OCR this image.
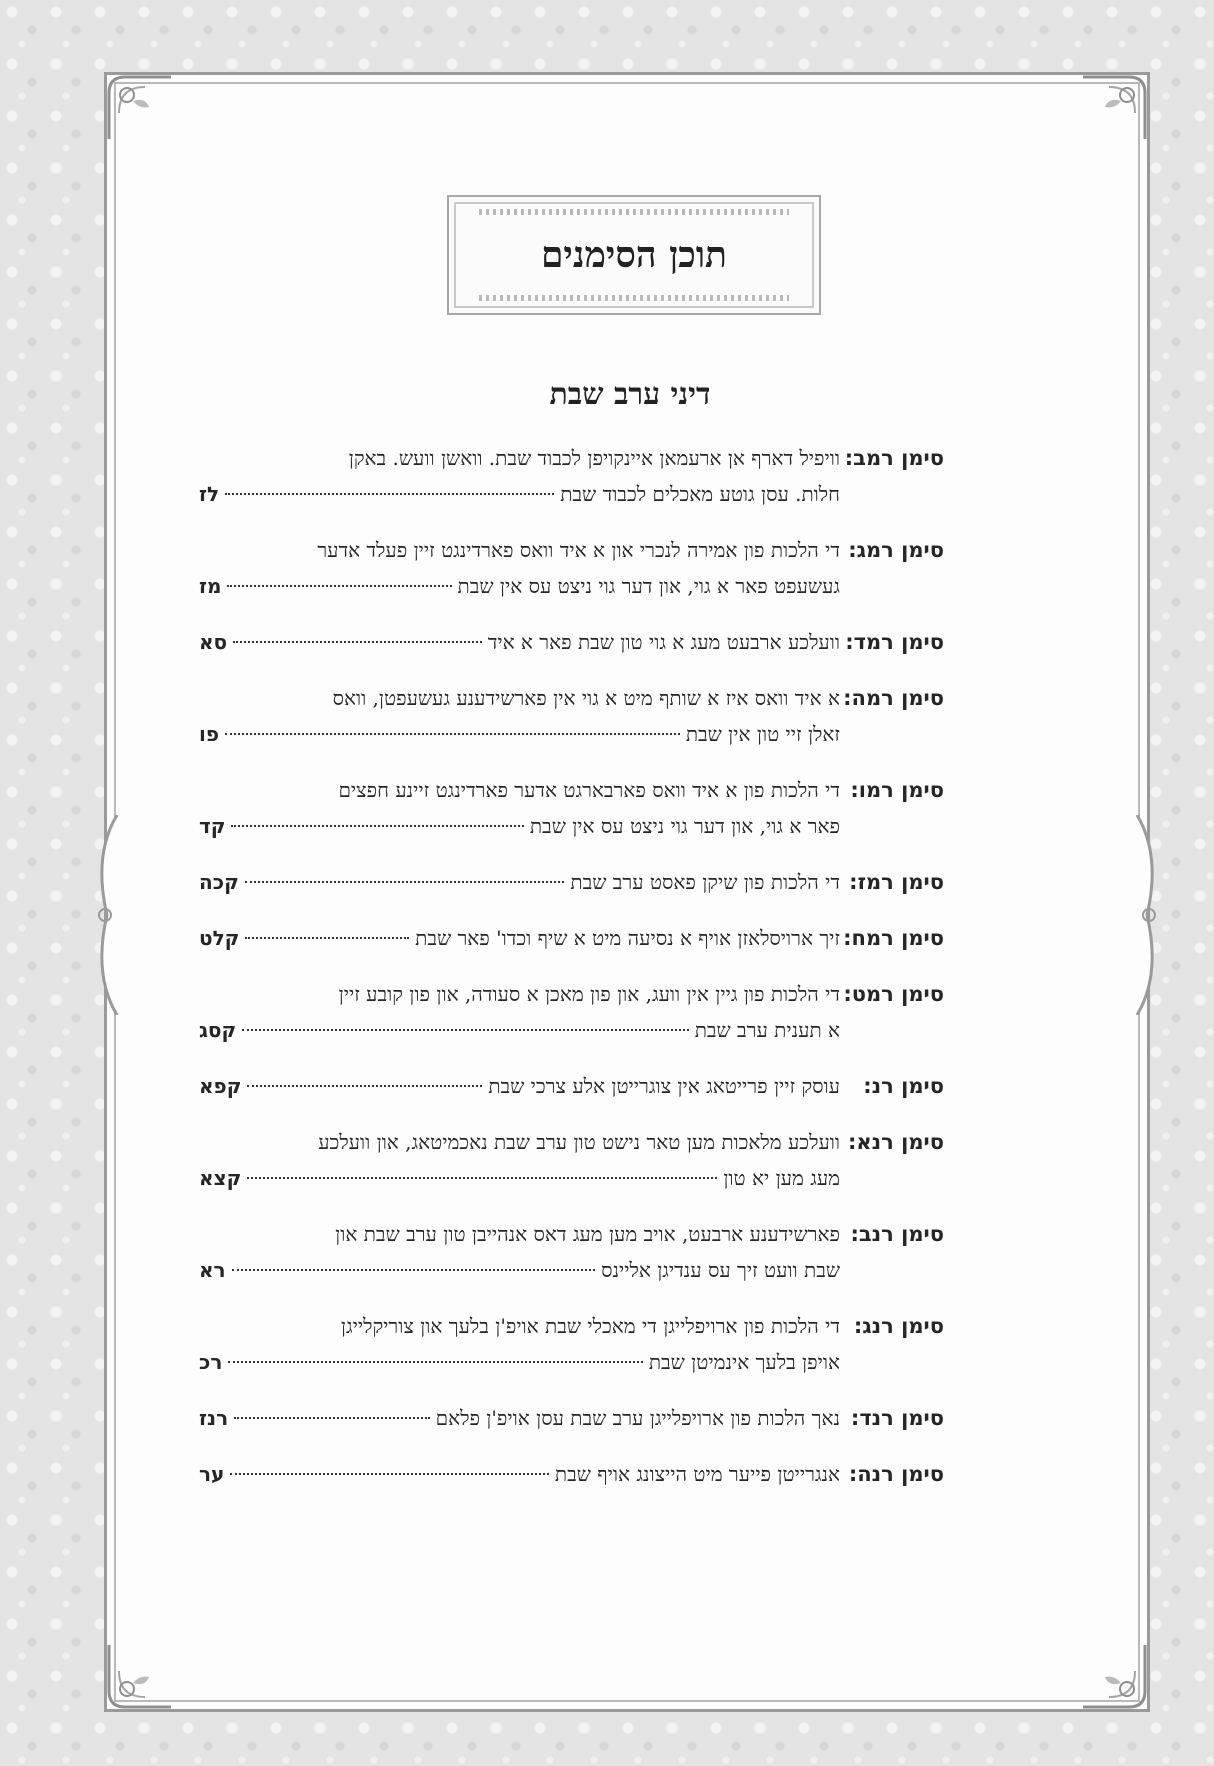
תוכן הסימנים
דיני ערב שבת
סימן רמב:
וויפיל דארף אן ארעמאן איינקויפן לכבוד שבת. וואשן וועש. באקן
חלות. עסן גוטע מאכלים לכבוד שבת
לז
סימן רמג:
די הלכות פון אמירה לנכרי און א איד וואס פארדינגט זיין פעלד אדער
געשעפט פאר א גוי, און דער גוי ניצט עס אין שבת
מז
סימן רמד:
וועלכע ארבעט מעג א גוי טון שבת פאר א איד
סא
סימן רמה:
א איד וואס איז א שותף מיט א גוי אין פארשידענע געשעפטן, וואס
זאלן זיי טון אין שבת
פו
סימן רמו:
די הלכות פון א איד וואס פארבארגט אדער פארדינגט זיינע חפצים
פאר א גוי, און דער גוי ניצט עס אין שבת
קד
סימן רמז:
די הלכות פון שיקן פאסט ערב שבת
קכה
סימן רמח:
זיך ארויסלאזן אויף א נסיעה מיט א שיף וכדו' פאר שבת
קלט
סימן רמט:
די הלכות פון גיין אין וועג, און פון מאכן א סעודה, און פון קובע זיין
א תענית ערב שבת
קסג
סימן רנ:
עוסק זיין פרייטאג אין צוגרייטן אלע צרכי שבת
קפא
סימן רנא:
וועלכע מלאכות מען טאר נישט טון ערב שבת נאכמיטאג, און וועלכע
מעג מען יא טון
קצא
סימן רנב:
פארשידענע ארבעט, אויב מען מעג דאס אנהייבן טון ערב שבת און
שבת וועט זיך עס ענדיגן אליינס
רא
סימן רנג:
די הלכות פון ארויפלייגן די מאכלי שבת אויפ'ן בלעך און צוריקלייגן
אויפן בלעך אינמיטן שבת
רכ
סימן רנד:
נאך הלכות פון ארויפלייגן ערב שבת עסן אויפ'ן פלאם
רנז
סימן רנה:
אנגרייטן פייער מיט הייצונג אויף שבת
ער
